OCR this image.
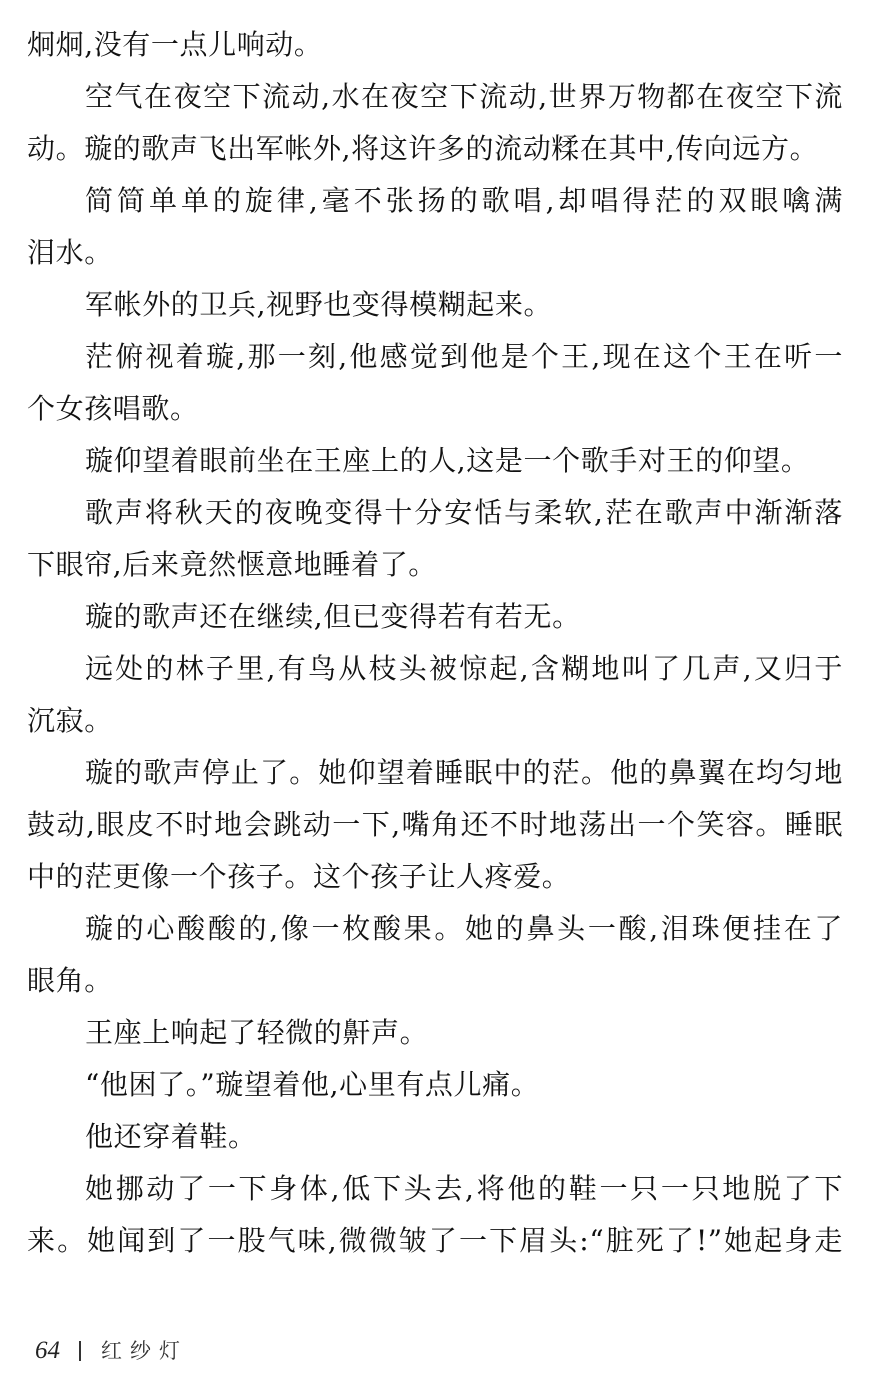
炯炯,没有一点儿响动。
空气在夜空下流动,水在夜空下流动,世界万物都在夜空下流
动。璇的歌声飞出军帐外,将这许多的流动糅在其中,传向远方。
简简单单的旋律,毫不张扬的歌唱,却唱得茫的双眼噙满
泪水。
军帐外的卫兵,视野也变得模糊起来。
茫俯视着璇,那一刻,他感觉到他是个王,现在这个王在听一
个女孩唱歌。
璇仰望着眼前坐在王座上的人,这是一个歌手对王的仰望。
歌声将秋天的夜晚变得十分安恬与柔软,茫在歌声中渐渐落
下眼帘,后来竟然惬意地睡着了。
璇的歌声还在继续,但已变得若有若无。
远处的林子里,有鸟从枝头被惊起,含糊地叫了几声,又归于
沉寂。
璇的歌声停止了。她仰望着睡眠中的茫。他的鼻翼在均匀地
鼓动,眼皮不时地会跳动一下,嘴角还不时地荡出一个笑容。睡眠
中的茫更像一个孩子。这个孩子让人疼爱。
璇的心酸酸的,像一枚酸果。她的鼻头一酸,泪珠便挂在了
眼角。
王座上响起了轻微的鼾声。
“他困了。”璇望着他,心里有点儿痛。
他还穿着鞋。
她挪动了一下身体,低下头去,将他的鞋一只一只地脱了下
来。她闻到了一股气味,微微皱了一下眉头:“脏死了!”她起身走
64 红纱灯
